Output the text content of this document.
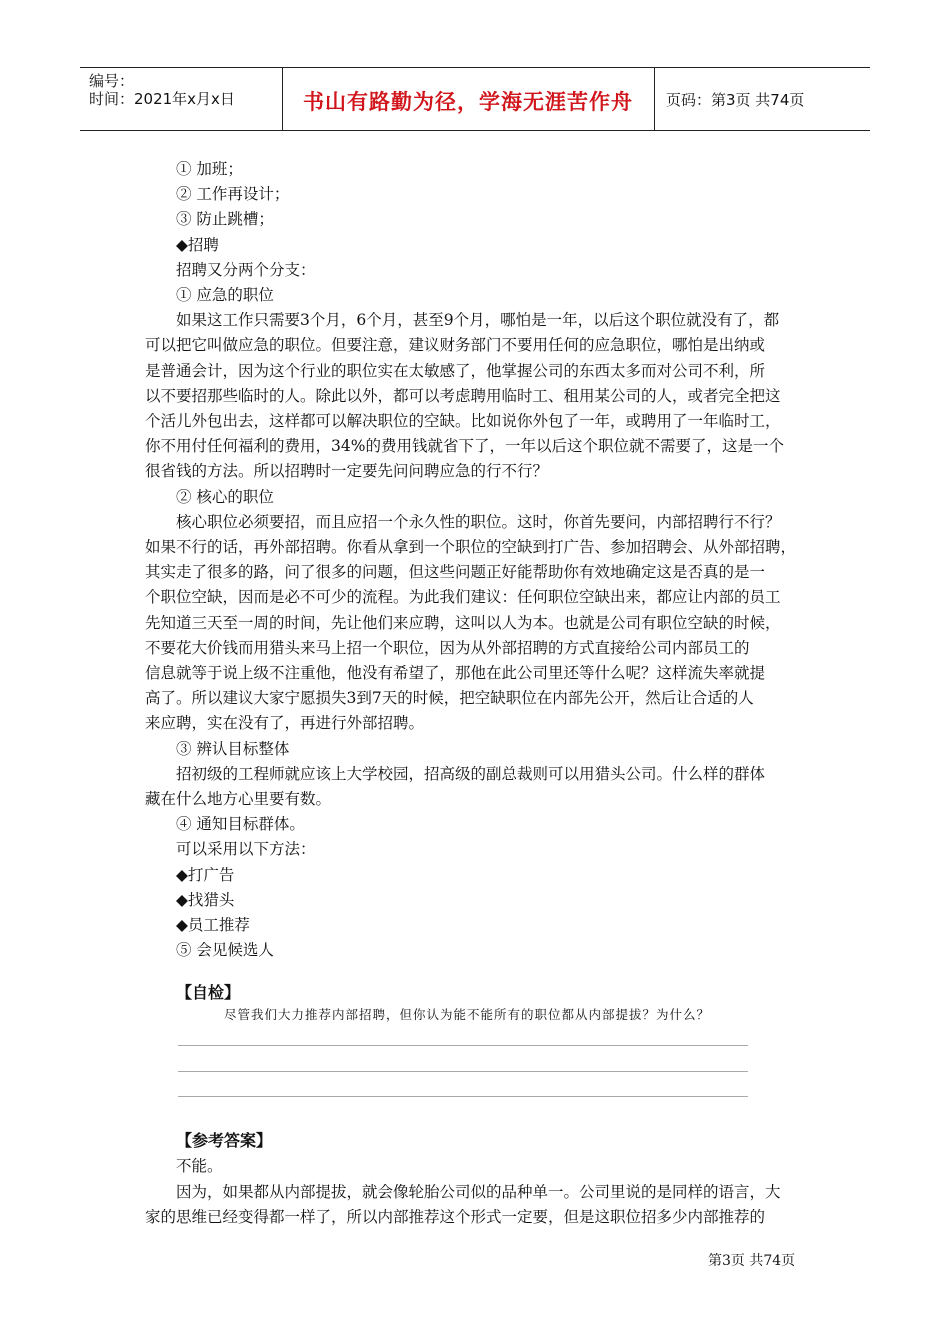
编号：
时间：2021年x月x日	书山有路勤为径，学海无涯苦作舟	页码：第3页 共74页
① 加班；
② 工作再设计；
③ 防止跳槽；
◆招聘
招聘又分两个分支：
① 应急的职位
如果这工作只需要3个月，6个月，甚至9个月，哪怕是一年，以后这个职位就没有了，都
可以把它叫做应急的职位。但要注意，建议财务部门不要用任何的应急职位，哪怕是出纳或
是普通会计，因为这个行业的职位实在太敏感了，他掌握公司的东西太多而对公司不利，所
以不要招那些临时的人。除此以外，都可以考虑聘用临时工、租用某公司的人，或者完全把这
个活儿外包出去，这样都可以解决职位的空缺。比如说你外包了一年，或聘用了一年临时工，
你不用付任何福利的费用，34%的费用钱就省下了，一年以后这个职位就不需要了，这是一个
很省钱的方法。所以招聘时一定要先问问聘应急的行不行？
② 核心的职位
核心职位必须要招，而且应招一个永久性的职位。这时，你首先要问，内部招聘行不行？
如果不行的话，再外部招聘。你看从拿到一个职位的空缺到打广告、参加招聘会、从外部招聘，
其实走了很多的路，问了很多的问题，但这些问题正好能帮助你有效地确定这是否真的是一
个职位空缺，因而是必不可少的流程。为此我们建议：任何职位空缺出来，都应让内部的员工
先知道三天至一周的时间，先让他们来应聘，这叫以人为本。也就是公司有职位空缺的时候，
不要花大价钱而用猎头来马上招一个职位，因为从外部招聘的方式直接给公司内部员工的
信息就等于说上级不注重他，他没有希望了，那他在此公司里还等什么呢？这样流失率就提
高了。所以建议大家宁愿损失3到7天的时候，把空缺职位在内部先公开，然后让合适的人
来应聘，实在没有了，再进行外部招聘。
③ 辨认目标整体
招初级的工程师就应该上大学校园，招高级的副总裁则可以用猎头公司。什么样的群体
藏在什么地方心里要有数。
④ 通知目标群体。
可以采用以下方法：
◆打广告
◆找猎头
◆员工推荐
⑤ 会见候选人
【自检】
尽管我们大力推荐内部招聘，但你认为能不能所有的职位都从内部提拔？为什么？
【参考答案】
不能。
因为，如果都从内部提拔，就会像轮胎公司似的品种单一。公司里说的是同样的语言，大
家的思维已经变得都一样了，所以内部推荐这个形式一定要，但是这职位招多少内部推荐的
第3页 共74页
